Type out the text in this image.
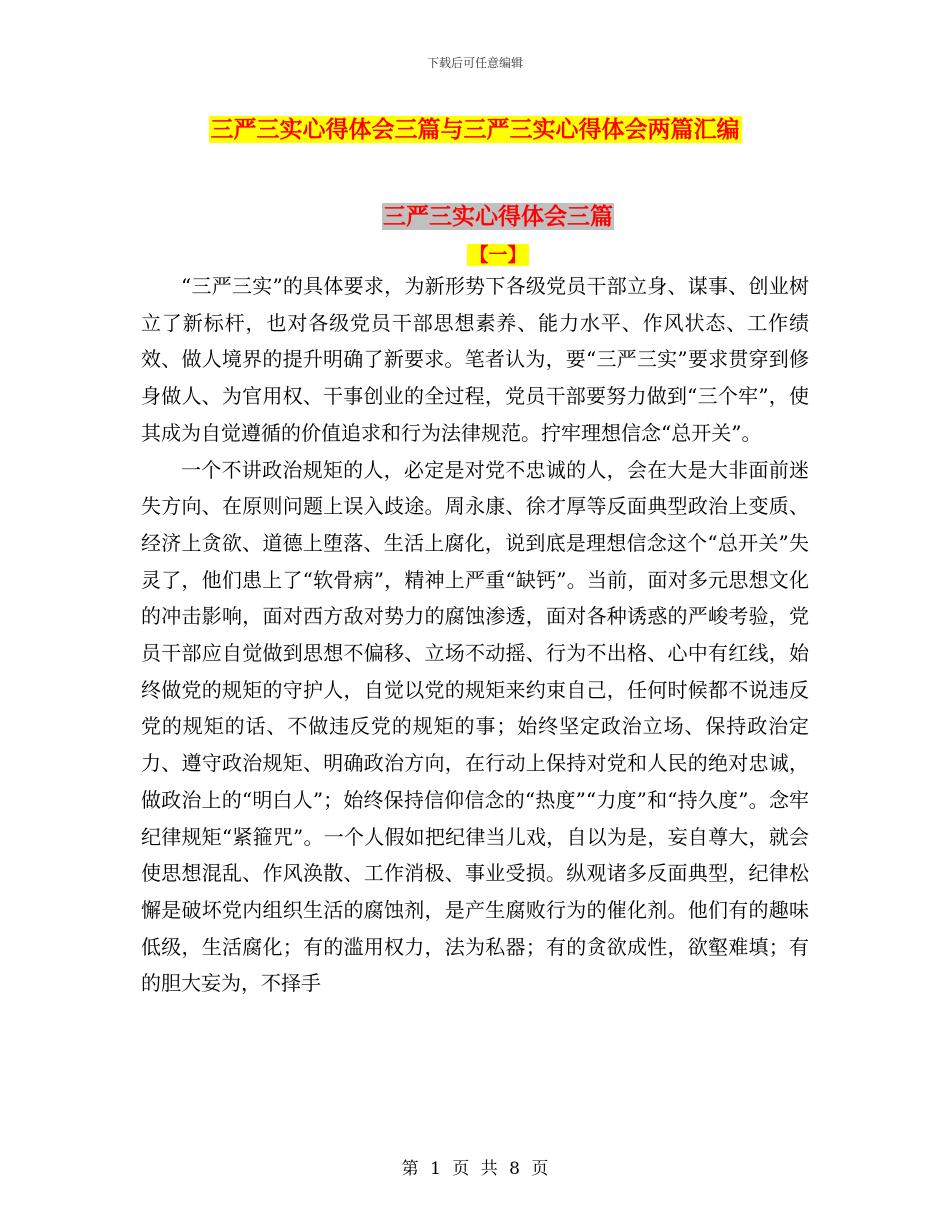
下载后可任意编辑
三严三实心得体会三篇与三严三实心得体会两篇汇编
三严三实心得体会三篇
【一】

“三严三实”的具体要求，为新形势下各级党员干部立身、谋事、创业树立了新标杆，也对各级党员干部思想素养、能力水平、作风状态、工作绩效、做人境界的提升明确了新要求。笔者认为，要“三严三实”要求贯穿到修身做人、为官用权、干事创业的全过程，党员干部要努力做到“三个牢”，使其成为自觉遵循的价值追求和行为法律规范。拧牢理想信念“总开关”。

一个不讲政治规矩的人，必定是对党不忠诚的人，会在大是大非面前迷失方向、在原则问题上误入歧途。周永康、徐才厚等反面典型政治上变质、经济上贪欲、道德上堕落、生活上腐化，说到底是理想信念这个“总开关”失灵了，他们患上了“软骨病”，精神上严重“缺钙”。当前，面对多元思想文化的冲击影响，面对西方敌对势力的腐蚀渗透，面对各种诱惑的严峻考验，党员干部应自觉做到思想不偏移、立场不动摇、行为不出格、心中有红线，始终做党的规矩的守护人，自觉以党的规矩来约束自己，任何时候都不说违反党的规矩的话、不做违反党的规矩的事；始终坚定政治立场、保持政治定力、遵守政治规矩、明确政治方向，在行动上保持对党和人民的绝对忠诚，做政治上的“明白人”；始终保持信仰信念的“热度”“力度”和“持久度”。念牢纪律规矩“紧箍咒”。一个人假如把纪律当儿戏，自以为是，妄自尊大，就会使思想混乱、作风涣散、工作消极、事业受损。纵观诸多反面典型，纪律松懈是破坏党内组织生活的腐蚀剂，是产生腐败行为的催化剂。他们有的趣味低级，生活腐化；有的滥用权力，法为私器；有的贪欲成性，欲壑难填；有的胆大妄为，不择手

第 1 页 共 8 页
